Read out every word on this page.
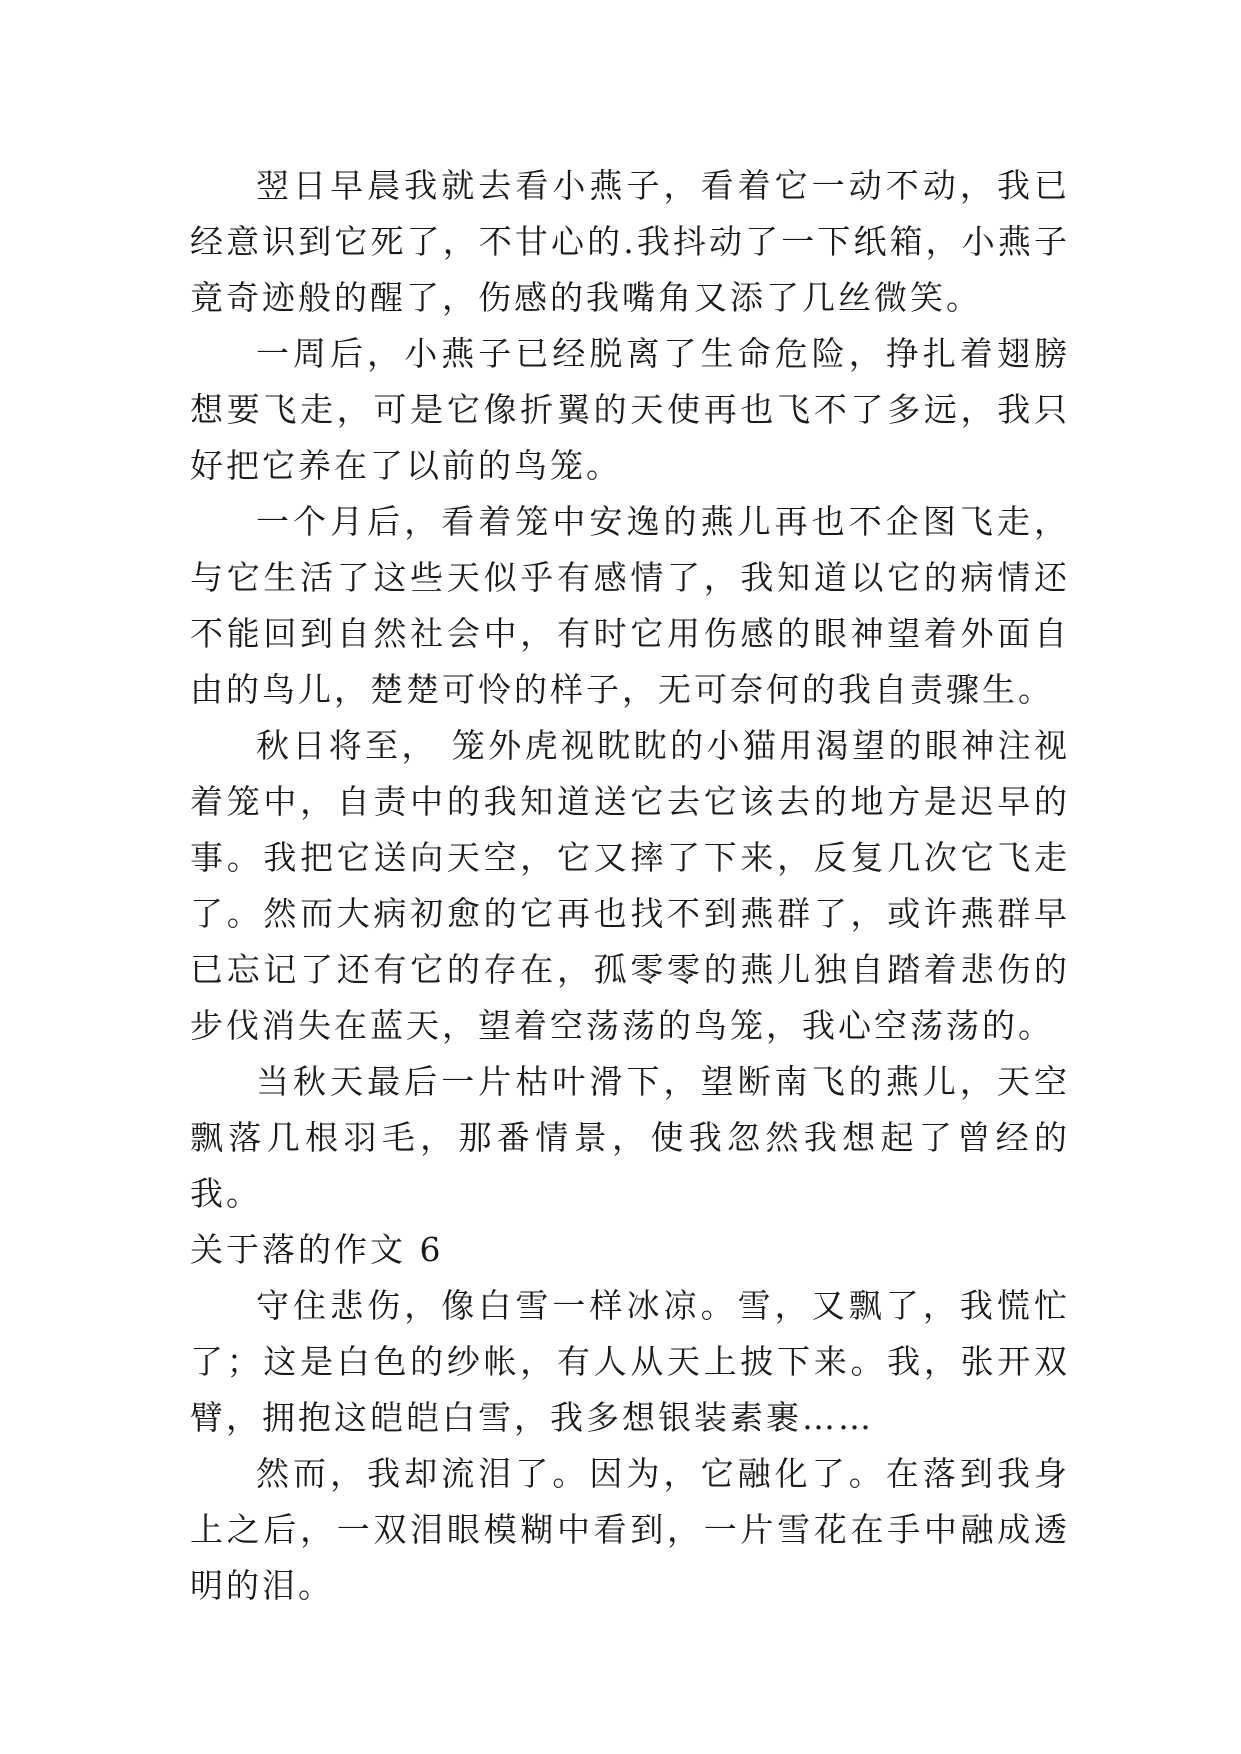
翌日早晨我就去看小燕子，看着它一动不动，我已经意识到它死了，不甘心的.我抖动了一下纸箱，小燕子竟奇迹般的醒了，伤感的我嘴角又添了几丝微笑。

一周后，小燕子已经脱离了生命危险，挣扎着翅膀想要飞走，可是它像折翼的天使再也飞不了多远，我只好把它养在了以前的鸟笼。

一个月后，看着笼中安逸的燕儿再也不企图飞走，与它生活了这些天似乎有感情了，我知道以它的病情还不能回到自然社会中，有时它用伤感的眼神望着外面自由的鸟儿，楚楚可怜的样子，无可奈何的我自责骤生。

秋日将至， 笼外虎视眈眈的小猫用渴望的眼神注视着笼中，自责中的我知道送它去它该去的地方是迟早的事。我把它送向天空，它又摔了下来，反复几次它飞走了。然而大病初愈的它再也找不到燕群了，或许燕群早已忘记了还有它的存在，孤零零的燕儿独自踏着悲伤的步伐消失在蓝天，望着空荡荡的鸟笼，我心空荡荡的。

当秋天最后一片枯叶滑下，望断南飞的燕儿，天空飘落几根羽毛，那番情景，使我忽然我想起了曾经的我。

关于落的作文 6

守住悲伤，像白雪一样冰凉。雪，又飘了，我慌忙了；这是白色的纱帐，有人从天上披下来。我，张开双臂，拥抱这皑皑白雪，我多想银装素裹……

然而，我却流泪了。因为，它融化了。在落到我身上之后，一双泪眼模糊中看到，一片雪花在手中融成透明的泪。
